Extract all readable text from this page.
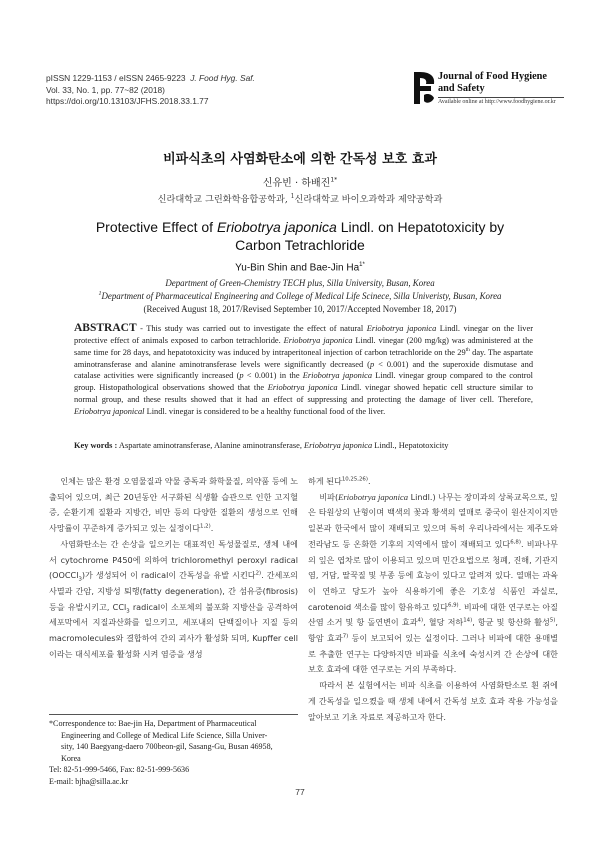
pISSN 1229-1153 / eISSN 2465-9223 J. Food Hyg. Saf.
Vol. 33, No. 1, pp. 77~82 (2018)
https://doi.org/10.13103/JFHS.2018.33.1.77
Journal of Food Hygiene
and Safety
Available online at http://www.foodhygiene.or.kr
비파식초의 사염화탄소에 의한 간독성 보호 효과
신유빈 · 하배진$^{1*}$
신라대학교 그린화학융합공학과, $^1$신라대학교 바이오과학과 제약공학과
Protective Effect of Eriobotrya japonica Lindl. on Hepatotoxicity by
Carbon Tetrachloride
Yu-Bin Shin and Bae-Jin $Ha^{1*}$
Department of Green-Chemistry TECH plus, Silla University, Busan, Korea
$^1$Department of Pharmaceutical Engineering and College of Medical Life Scinece, Silla Univeristy, Busan, Korea
(Received August 18, 2017/Revised September 10, 2017/Accepted November 18, 2017)
ABSTRACT - This study was carried out to investigate the effect of natural Eriobotrya japonica Lindl. vinegar on the liver protective effect of animals exposed to carbon tetrachloride. Eriobotrya japonica Lindl. vinegar (200 mg/kg) was administered at the same time for 28 days, and hepatotoxicity was induced by intraperitoneal injection of carbon tetrachloride on the 29th day. The aspartate aminotransferase and alanine aminotransferase levels were significantly decreased (p < 0.001) and the superoxide dismutase and catalase activities were significantly increased (p < 0.001) in the Eriobotrya japonica Lindl. vinegar group compared to the control group. Histopathological observations showed that the Eriobotrya japonica Lindl. vinegar showed hepatic cell structure similar to normal group, and these results showed that it had an effect of suppressing and protecting the damage of liver cell. Therefore, Eriobotrya japonical Lindl. vinegar is considered to be a healthy functional food of the liver.
Key words : Aspartate aminotransferase, Alanine aminotransferase, Eriobotrya japonica Lindl., Hepatotoxicity

인체는 많은 환경 오염물질과 약물 중독과 화학물질, 의약품 등에 노출되어 있으며, 최근 20년동안 서구화된 식생활 습관으로 인한 고지혈증, 순환기계 질환과 지방간, 비만 등의 다양한 질환의 생성으로 인해 사망률이 꾸준하게 증가되고 있는 실정이다$^{1,2)}$.

사염화탄소는 간 손상을 일으키는 대표적인 독성물질로, 생체 내에서 cytochrome P450에 의하여 trichloromethyl peroxyl radical (OOCCl$_3$)가 생성되어 이 radical이 간독성을 유발 시킨다$^{2)}$. 간세포의 사멸과 간암, 지방성 퇴행(fatty degeneration), 간 섬유증(fibrosis) 등을 유발시키고, CCl$_3$ radical이 소포체의 불포화 지방산을 공격하여 세포막에서 지질과산화를 일으키고, 세포내의 단백질이나 지질 등의 macromolecules와 결합하여 간의 괴사가 활성화 되며, Kupffer cell이라는 대식세포를 활성화 시켜 염증을 생성

하게 된다$^{10,25,26)}$.

비파(Eriobotrya japonica Lindl.) 나무는 장미과의 상록교목으로, 잎은 타원상의 난형이며 백색의 꽃과 황색의 열매로 중국이 원산지이지만 일본과 한국에서 많이 재배되고 있으며 특히 우리나라에서는 제주도와 전라남도 등 온화한 기후의 지역에서 많이 재배되고 있다$^{6,8)}$. 비파나무의 잎은 엽차로 많이 이용되고 있으며 민간요법으로 청폐, 진해, 기관지염, 거담, 딸꾹질 및 부종 등에 효능이 있다고 알려져 있다. 열매는 과육이 연하고 당도가 높아 식용하기에 좋은 기호성 식품인 과실로, carotenoid 색소를 많이 함유하고 있다$^{6,9)}$. 비파에 대한 연구로는 아질산염 소거 및 항 돌연변이 효과$^{4)}$, 혈당 저하$^{14)}$, 항균 및 항산화 활성$^{5)}$, 항암 효과$^{7)}$ 등이 보고되어 있는 실정이다. 그러나 비파에 대한 용매별로 추출한 연구는 다양하지만 비파를 식초에 숙성시켜 간 손상에 대한 보호 효과에 대한 연구로는 거의 부족하다.

따라서 본 실험에서는 비파 식초를 이용하여 사염화탄소로 흰 쥐에게 간독성을 일으켰을 때 생체 내에서 간독성 보호 효과 작용 가능성을 알아보고 기초 자료로 제공하고자 한다.

*Correspondence to: Bae-jin Ha, Department of Pharmaceutical
Engineering and College of Medical Life Science, Silla Univer-
sity, 140 Baegyang-daero 700beon-gil, Sasang-Gu, Busan 46958,
Korea
Tel: 82-51-999-5466, Fax: 82-51-999-5636
E-mail: bjha@silla.ac.kr
77
